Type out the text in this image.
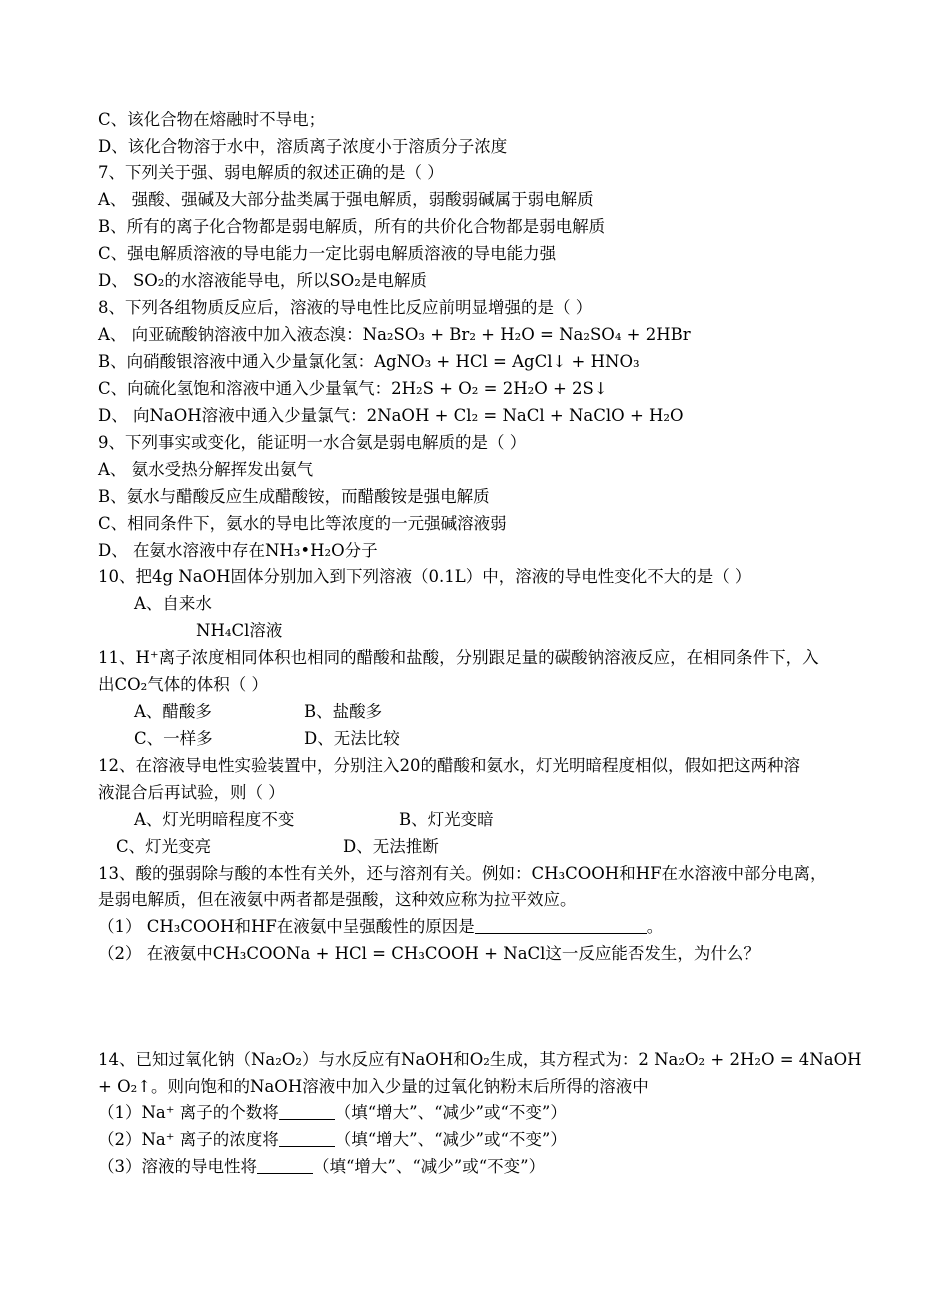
C、该化合物在熔融时不导电；
D、该化合物溶于水中，溶质离子浓度小于溶质分子浓度
7、下列关于强、弱电解质的叙述正确的是（ ）
A、 强酸、强碱及大部分盐类属于强电解质，弱酸弱碱属于弱电解质
B、所有的离子化合物都是弱电解质，所有的共价化合物都是弱电解质
C、强电解质溶液的导电能力一定比弱电解质溶液的导电能力强
D、 SO₂的水溶液能导电，所以SO₂是电解质
8、下列各组物质反应后，溶液的导电性比反应前明显增强的是（ ）
A、 向亚硫酸钠溶液中加入液态溴：Na₂SO₃ + Br₂ + H₂O = Na₂SO₄ + 2HBr
B、向硝酸银溶液中通入少量氯化氢：AgNO₃ + HCl = AgCl↓ + HNO₃
C、向硫化氢饱和溶液中通入少量氧气：2H₂S + O₂ = 2H₂O + 2S↓
D、 向NaOH溶液中通入少量氯气：2NaOH + Cl₂ = NaCl + NaClO + H₂O
9、下列事实或变化，能证明一水合氨是弱电解质的是（ ）
A、 氨水受热分解挥发出氨气
B、氨水与醋酸反应生成醋酸铵，而醋酸铵是强电解质
C、相同条件下，氨水的导电比等浓度的一元强碱溶液弱
D、 在氨水溶液中存在NH₃•H₂O分子
10、把4g NaOH固体分别加入到下列溶液（0.1L）中，溶液的导电性变化不大的是（ ）
A、自来水
NH₄Cl溶液
11、H⁺离子浓度相同体积也相同的醋酸和盐酸，分别跟足量的碳酸钠溶液反应，在相同条件下，入
出CO₂气体的体积（ ）
A、醋酸多	B、盐酸多
C、一样多	D、无法比较
12、在溶液导电性实验装置中，分别注入20的醋酸和氨水，灯光明暗程度相似，假如把这两种溶
液混合后再试验，则（ ）
A、灯光明暗程度不变	B、灯光变暗
C、灯光变亮	D、无法推断
13、酸的强弱除与酸的本性有关外，还与溶剂有关。例如：CH₃COOH和HF在水溶液中部分电离，
是弱电解质，但在液氨中两者都是强酸，这种效应称为拉平效应。
（1） CH₃COOH和HF在液氨中呈强酸性的原因是	。
（2） 在液氨中CH₃COONa + HCl = CH₃COOH + NaCl这一反应能否发生，为什么？
14、已知过氧化钠（Na₂O₂）与水反应有NaOH和O₂生成，其方程式为：2 Na₂O₂ + 2H₂O = 4NaOH
+ O₂↑。则向饱和的NaOH溶液中加入少量的过氧化钠粉末后所得的溶液中
（1）Na⁺ 离子的个数将	（填“增大”、“减少”或“不变”）
（2）Na⁺ 离子的浓度将	（填“增大”、“减少”或“不变”）
（3）溶液的导电性将	（填“增大”、“减少”或“不变”）
